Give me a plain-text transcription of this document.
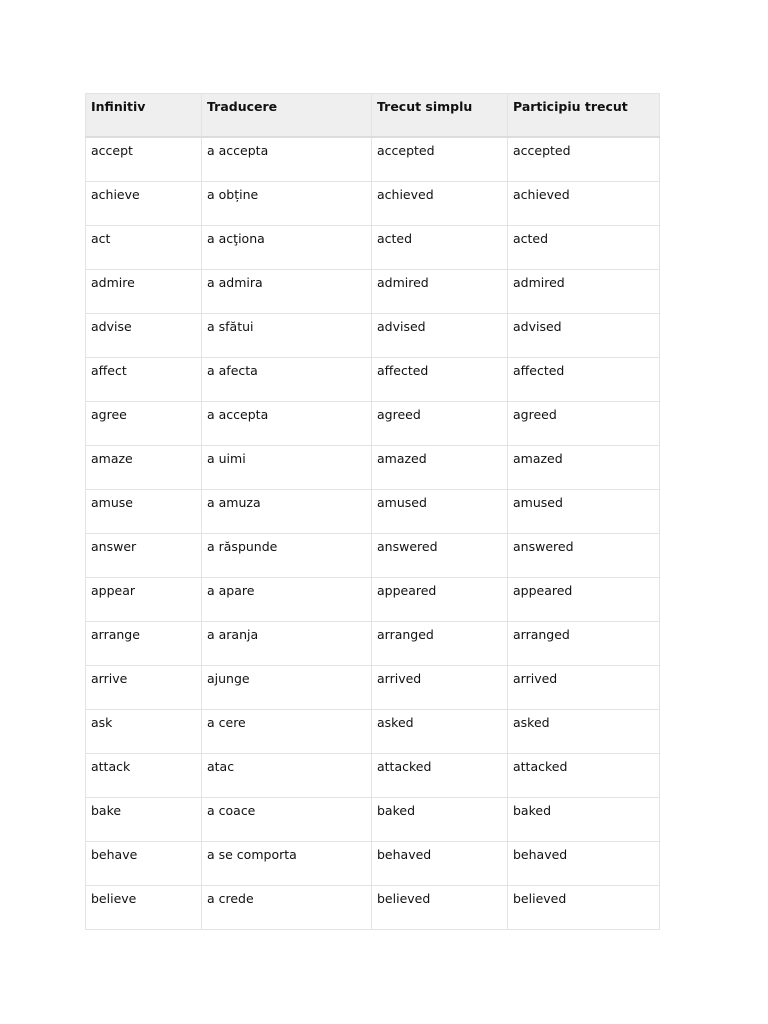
Infinitiv	Traducere	Trecut simplu	Participiu trecut
accept	a accepta	accepted	accepted
achieve	a obține	achieved	achieved
act	a acţiona	acted	acted
admire	a admira	admired	admired
advise	a sfătui	advised	advised
affect	a afecta	affected	affected
agree	a accepta	agreed	agreed
amaze	a uimi	amazed	amazed
amuse	a amuza	amused	amused
answer	a răspunde	answered	answered
appear	a apare	appeared	appeared
arrange	a aranja	arranged	arranged
arrive	ajunge	arrived	arrived
ask	a cere	asked	asked
attack	atac	attacked	attacked
bake	a coace	baked	baked
behave	a se comporta	behaved	behaved
believe	a crede	believed	believed
